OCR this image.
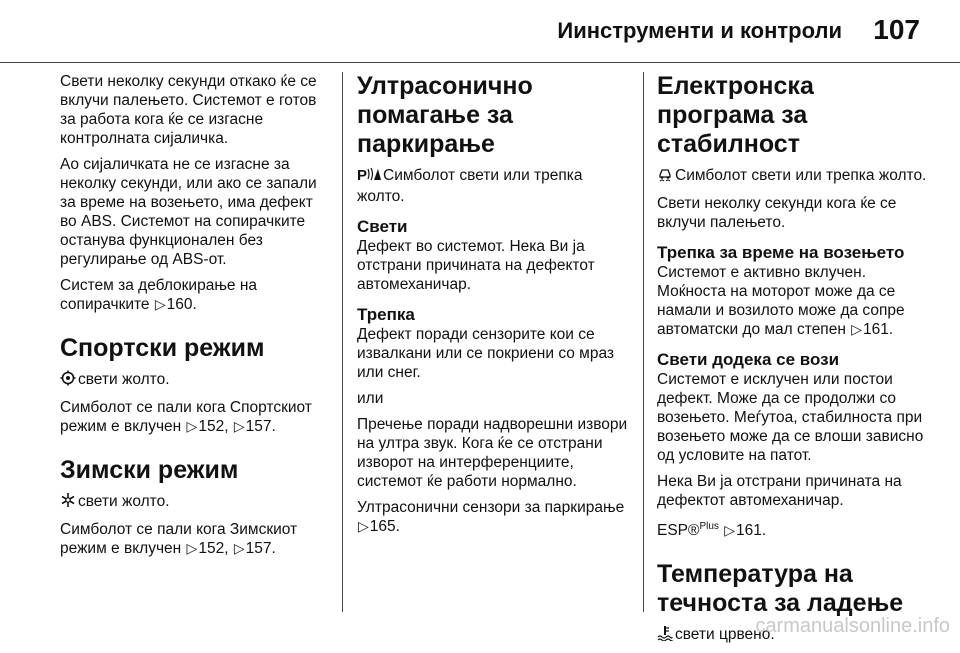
Иинструменти и контроли 107

Свети неколку секунди откако ќе се вклучи палењето. Системот е готов за работа кога ќе се изгасне контролната сијаличка.

Ао сијаличката не се изгасне за неколку секунди, или ако се запали за време на возењето, има дефект во ABS. Системот на сопирачките останува функционален без регулирање од ABS-от.

Систем за деблокирање на сопирачките ▷160.

Спортски режим

свети жолто.

Симболот се пали кога Спортскиот режим е вклучен ▷152, ▷157.

Зимски режим

свети жолто.

Симболот се пали кога Зимскиот режим е вклучен ▷152, ▷157.

Ултрасонично помагање за паркирање

P Симболот свети или трепка жолто.

Свети

Дефект во системот. Нека Ви ја отстрани причината на дефектот автомеханичар.

Трепка

Дефект поради сензорите кои се извалкани или се покриени со мраз или снег.

или

Пречење поради надворешни извори на ултра звук. Кога ќе се отстрани изворот на интерференциите, системот ќе работи нормално.

Ултрасонични сензори за паркирање ▷165.

Електронска програма за стабилност

Симболот свети или трепка жолто.

Свети неколку секунди кога ќе се вклучи палењето.

Трепка за време на возењето

Системот е активно вклучен. Моќноста на моторот може да се намали и возилото може да сопре автоматски до мал степен ▷161.

Свети додека се вози

Системот е исклучен или постои дефект. Може да се продолжи со возењето. Меѓутоа, стабилноста при возењето може да се влоши зависно од условите на патот.

Нека Ви ја отстрани причината на дефектот автомеханичар.

ESP®$^{Plus}$ ▷161.

Температура на течноста за ладење

свети црвено.

carmanualsonline.info
